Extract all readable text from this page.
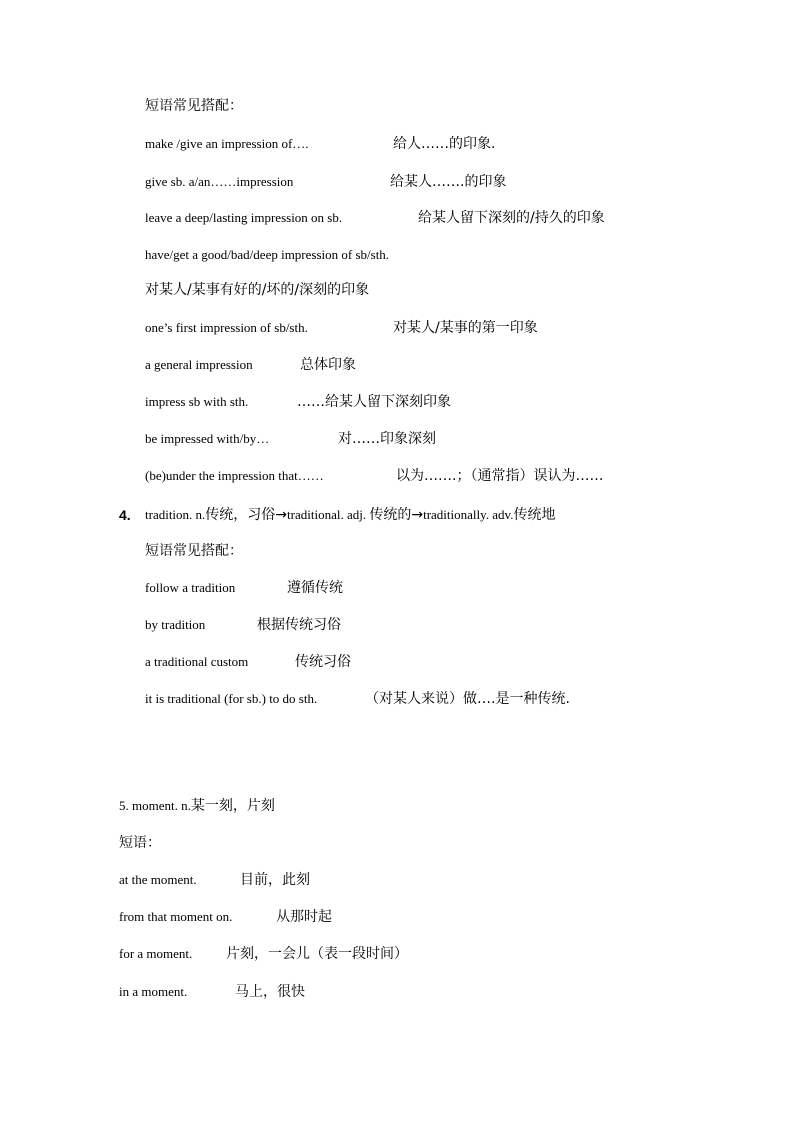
短语常见搭配：
make /give an impression of….	给人……的印象.
give sb. a/an……impression	给某人…….的印象
leave a deep/lasting impression on sb.	给某人留下深刻的/持久的印象
have/get a good/bad/deep impression of sb/sth.
对某人/某事有好的/坏的/深刻的印象
one’s first impression of sb/sth.	对某人/某事的第一印象
a general impression	总体印象
impress sb with sth.	……给某人留下深刻印象
be impressed with/by…	对……印象深刻
(be)under the impression that……	以为…….；（通常指）误认为……
4. tradition. n.传统，习俗→traditional. adj. 传统的→traditionally. adv.传统地
短语常见搭配：
follow a tradition	遵循传统
by tradition	根据传统习俗
a traditional custom	传统习俗
it is traditional (for sb.) to do sth.	（对某人来说）做….是一种传统.
5. moment. n.某一刻，片刻
短语：
at the moment.	目前，此刻
from that moment on.	从那时起
for a moment. 片刻，一会儿（表一段时间）
in a moment.	马上，很快
